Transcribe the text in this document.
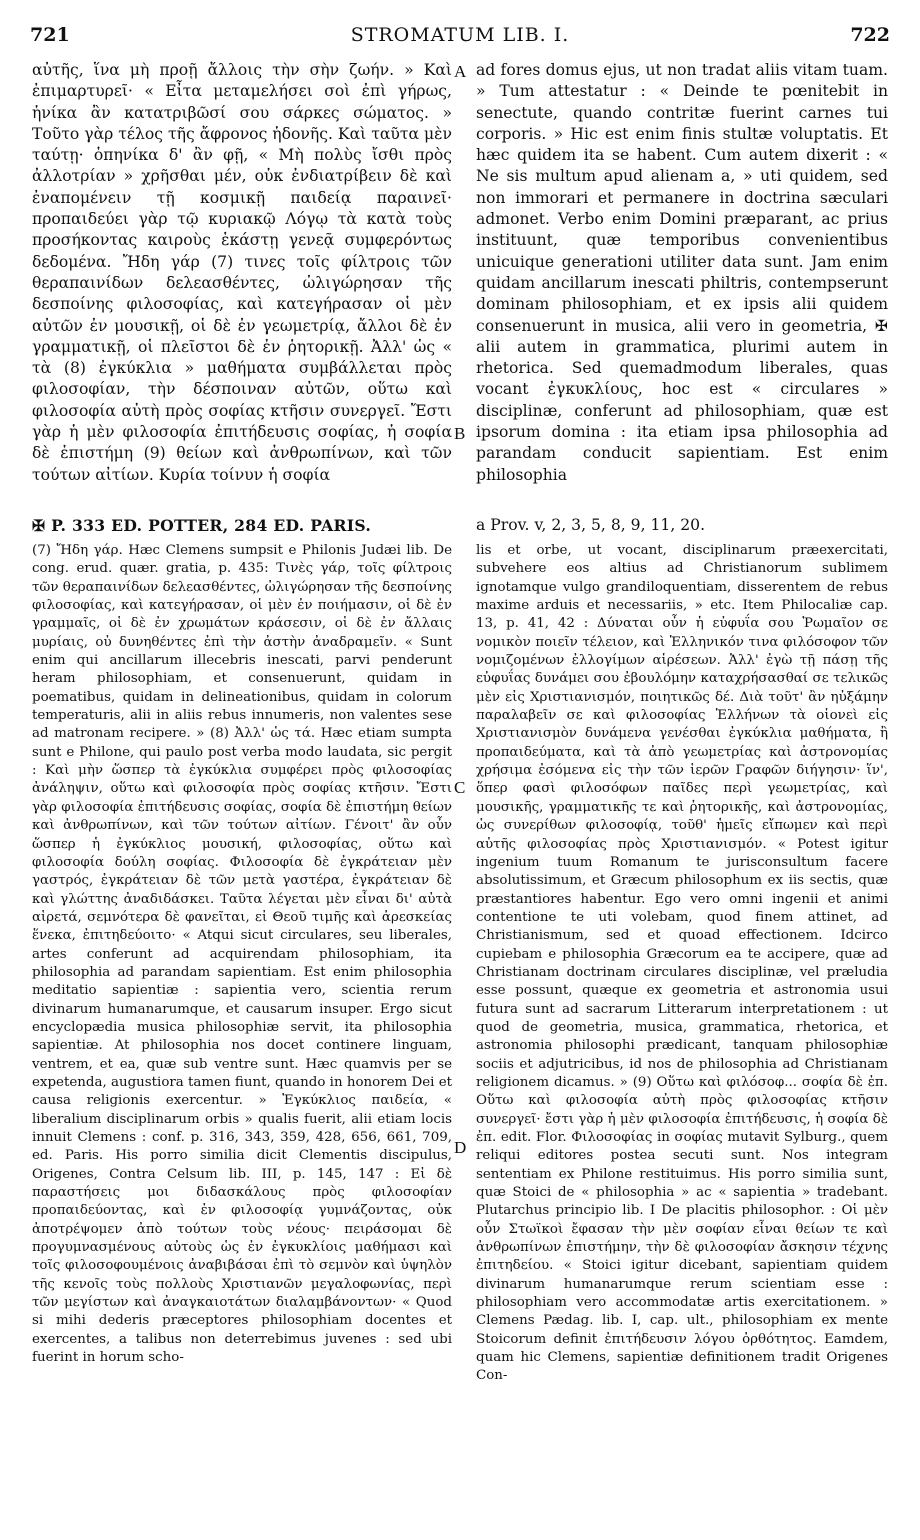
721	STROMATUM LIB. I.	722

αὐτῆς, ἵνα μὴ προῇ ἄλλοις τὴν σὴν ζωήν. » Καὶ ἐπιμαρτυρεῖ· « Εἶτα μεταμελήσει σοὶ ἐπὶ γήρως, ἡνίκα ἂν κατατριβῶσί σου σάρκες σώματος. » Τοῦτο γὰρ τέλος τῆς ἄφρονος ἡδονῆς. Καὶ ταῦτα μὲν ταύτῃ· ὁπηνίκα δ' ἂν φῇ, « Μὴ πολὺς ἴσθι πρὸς ἀλλοτρίαν » χρῆσθαι μέν, οὐκ ἐνδιατρίβειν δὲ καὶ ἐναπομένειν τῇ κοσμικῇ παιδείᾳ παραινεῖ· προπαιδεύει γὰρ τῷ κυριακῷ Λόγῳ τὰ κατὰ τοὺς προσήκοντας καιροὺς ἑκάστῃ γενεᾷ συμφερόντως δεδομένα. Ἤδη γάρ (7) τινες τοῖς φίλτροις τῶν θεραπαινίδων δελεασθέντες, ὠλιγώρησαν τῆς δεσποίνης φιλοσοφίας, καὶ κατεγήρασαν οἱ μὲν αὐτῶν ἐν μουσικῇ, οἱ δὲ ἐν γεωμετρίᾳ, ἄλλοι δὲ ἐν γραμματικῇ, οἱ πλεῖστοι δὲ ἐν ῥητορικῇ. Ἀλλ' ὡς « τὰ (8) ἐγκύκλια » μαθήματα συμβάλλεται πρὸς φιλοσοφίαν, τὴν δέσποιναν αὐτῶν, οὕτω καὶ φιλοσοφία αὐτὴ πρὸς σοφίας κτῆσιν συνεργεῖ. Ἔστι γὰρ ἡ μὲν φιλοσοφία ἐπιτήδευσις σοφίας, ἡ σοφία δὲ ἐπιστήμη (9) θείων καὶ ἀνθρωπίνων, καὶ τῶν τούτων αἰτίων. Κυρία τοίνυν ἡ σοφία

A
B
C
D

ad fores domus ejus, ut non tradat aliis vitam tuam. » Tum attestatur : « Deinde te pœnitebit in senectute, quando contritæ fuerint carnes tui corporis. » Hic est enim finis stultæ voluptatis. Et hæc quidem ita se habent. Cum autem dixerit : « Ne sis multum apud alienam a, » uti quidem, sed non immorari et permanere in doctrina sæculari admonet. Verbo enim Domini præparant, ac prius instituunt, quæ temporibus convenientibus unicuique generationi utiliter data sunt. Jam enim quidam ancillarum inescati philtris, contempserunt dominam philosophiam, et ex ipsis alii quidem consenuerunt in musica, alii vero in geometria, ✠ alii autem in grammatica, plurimi autem in rhetorica. Sed quemadmodum liberales, quas vocant ἐγκυκλίους, hoc est « circulares » disciplinæ, conferunt ad philosophiam, quæ est ipsorum domina : ita etiam ipsa philosophia ad parandam conducit sapientiam. Est enim philosophia

✠ P. 333 ED. POTTER, 284 ED. PARIS.	a Prov. v, 2, 3, 5, 8, 9, 11, 20.

(7) Ἤδη γάρ. Hæc Clemens sumpsit e Philonis Judæi lib. De cong. erud. quær. gratia, p. 435: Τινὲς γάρ, τοῖς φίλτροις τῶν θεραπαινίδων δελεασθέντες, ὠλιγώρησαν τῆς δεσποίνης φιλοσοφίας, καὶ κατεγήρασαν, οἱ μὲν ἐν ποιήμασιν, οἱ δὲ ἐν γραμμαῖς, οἱ δὲ ἐν χρωμάτων κράσεσιν, οἱ δὲ ἐν ἄλλαις μυρίαις, οὐ δυνηθέντες ἐπὶ τὴν ἀστὴν ἀναδραμεῖν. « Sunt enim qui ancillarum illecebris inescati, parvi penderunt heram philosophiam, et consenuerunt, quidam in poematibus, quidam in delineationibus, quidam in colorum temperaturis, alii in aliis rebus innumeris, non valentes sese ad matronam recipere. » (8) Ἀλλ' ὡς τά. Hæc etiam sumpta sunt e Philone, qui paulo post verba modo laudata, sic pergit : Καὶ μὴν ὥσπερ τὰ ἐγκύκλια συμφέρει πρὸς φιλοσοφίας ἀνάληψιν, οὕτω καὶ φιλοσοφία πρὸς σοφίας κτῆσιν. Ἔστι γὰρ φιλοσοφία ἐπιτήδευσις σοφίας, σοφία δὲ ἐπιστήμη θείων καὶ ἀνθρωπίνων, καὶ τῶν τούτων αἰτίων. Γένοιτ' ἂν οὖν ὥσπερ ἡ ἐγκύκλιος μουσική, φιλοσοφίας, οὕτω καὶ φιλοσοφία δούλη σοφίας. Φιλοσοφία δὲ ἐγκράτειαν μὲν γαστρός, ἐγκράτειαν δὲ τῶν μετὰ γαστέρα, ἐγκράτειαν δὲ καὶ γλώττης ἀναδιδάσκει. Ταῦτα λέγεται μὲν εἶναι δι' αὐτὰ αἱρετά, σεμνότερα δὲ φανεῖται, εἰ Θεοῦ τιμῆς καὶ ἀρεσκείας ἕνεκα, ἐπιτηδεύοιτο· « Atqui sicut circulares, seu liberales, artes conferunt ad acquirendam philosophiam, ita philosophia ad parandam sapientiam. Est enim philosophia meditatio sapientiæ : sapientia vero, scientia rerum divinarum humanarumque, et causarum insuper. Ergo sicut encyclopædia musica philosophiæ servit, ita philosophia sapientiæ. At philosophia nos docet continere linguam, ventrem, et ea, quæ sub ventre sunt. Hæc quamvis per se expetenda, augustiora tamen fiunt, quando in honorem Dei et causa religionis exercentur. » Ἐγκύκλιος παιδεία, « liberalium disciplinarum orbis » qualis fuerit, alii etiam locis innuit Clemens : conf. p. 316, 343, 359, 428, 656, 661, 709, ed. Paris. His porro similia dicit Clementis discipulus, Origenes, Contra Celsum lib. III, p. 145, 147 : Εἰ δὲ παραστήσεις μοι διδασκάλους πρὸς φιλοσοφίαν προπαιδεύοντας, καὶ ἐν φιλοσοφίᾳ γυμνάζοντας, οὐκ ἀποτρέψομεν ἀπὸ τούτων τοὺς νέους· πειράσομαι δὲ προγυμνασμένους αὐτοὺς ὡς ἐν ἐγκυκλίοις μαθήμασι καὶ τοῖς φιλοσοφουμένοις ἀναβιβάσαι ἐπὶ τὸ σεμνὸν καὶ ὑψηλὸν τῆς κενοῖς τοὺς πολλοὺς Χριστιανῶν μεγαλοφωνίας, περὶ τῶν μεγίστων καὶ ἀναγκαιοτάτων διαλαμβάνοντων· « Quod si mihi dederis præceptores philosophiam docentes et exercentes, a talibus non deterrebimus juvenes : sed ubi fuerint in horum scho-

lis et orbe, ut vocant, disciplinarum præexercitati, subvehere eos altius ad Christianorum sublimem ignotamque vulgo grandiloquentiam, disserentem de rebus maxime arduis et necessariis, » etc. Item Philocaliæ cap. 13, p. 41, 42 : Δύναται οὖν ἡ εὐφυΐα σου Ῥωμαῖον σε νομικὸν ποιεῖν τέλειον, καὶ Ἑλληνικόν τινα φιλόσοφον τῶν νομιζομένων ἐλλογίμων αἱρέσεων. Ἀλλ' ἐγὼ τῇ πάσῃ τῆς εὐφυΐας δυνάμει σου ἐβουλόμην καταχρήσασθαί σε τελικῶς μὲν εἰς Χριστιανισμόν, ποιητικῶς δέ. Διὰ τοῦτ' ἂν ηὐξάμην παραλαβεῖν σε καὶ φιλοσοφίας Ἑλλήνων τὰ οἱονεὶ εἰς Χριστιανισμὸν δυνάμενα γενέσθαι ἐγκύκλια μαθήματα, ἢ προπαιδεύματα, καὶ τὰ ἀπὸ γεωμετρίας καὶ ἀστρονομίας χρήσιμα ἐσόμενα εἰς τὴν τῶν ἱερῶν Γραφῶν διήγησιν· ἵν', ὅπερ φασὶ φιλοσόφων παῖδες περὶ γεωμετρίας, καὶ μουσικῆς, γραμματικῆς τε καὶ ῥητορικῆς, καὶ ἀστρονομίας, ὡς συνερίθων φιλοσοφίᾳ, τοῦθ' ἡμεῖς εἴπωμεν καὶ περὶ αὐτῆς φιλοσοφίας πρὸς Χριστιανισμόν. « Potest igitur ingenium tuum Romanum te jurisconsultum facere absolutissimum, et Græcum philosophum ex iis sectis, quæ præstantiores habentur. Ego vero omni ingenii et animi contentione te uti volebam, quod finem attinet, ad Christianismum, sed et quoad effectionem. Idcirco cupiebam e philosophia Græcorum ea te accipere, quæ ad Christianam doctrinam circulares disciplinæ, vel præludia esse possunt, quæque ex geometria et astronomia usui futura sunt ad sacrarum Litterarum interpretationem : ut quod de geometria, musica, grammatica, rhetorica, et astronomia philosophi prædicant, tanquam philosophiæ sociis et adjutricibus, id nos de philosophia ad Christianam religionem dicamus. » (9) Οὕτω καὶ φιλόσοφ... σοφία δὲ ἐπ. Οὕτω καὶ φιλοσοφία αὐτὴ πρὸς φιλοσοφίας κτῆσιν συνεργεῖ· ἔστι γὰρ ἡ μὲν φιλοσοφία ἐπιτήδευσις, ἡ σοφία δὲ ἐπ. edit. Flor. Φιλοσοφίας in σοφίας mutavit Sylburg., quem reliqui editores postea secuti sunt. Nos integram sententiam ex Philone restituimus. His porro similia sunt, quæ Stoici de « philosophia » ac « sapientia » tradebant. Plutarchus principio lib. I De placitis philosophor. : Οἱ μὲν οὖν Στωϊκοὶ ἔφασαν τὴν μὲν σοφίαν εἶναι θείων τε καὶ ἀνθρωπίνων ἐπιστήμην, τὴν δὲ φιλοσοφίαν ἄσκησιν τέχνης ἐπιτηδείου. « Stoici igitur dicebant, sapientiam quidem divinarum humanarumque rerum scientiam esse : philosophiam vero accommodatæ artis exercitationem. » Clemens Pædag. lib. I, cap. ult., philosophiam ex mente Stoicorum definit ἐπιτήδευσιν λόγου ὀρθότητος. Eamdem, quam hic Clemens, sapientiæ definitionem tradit Origenes Con-
